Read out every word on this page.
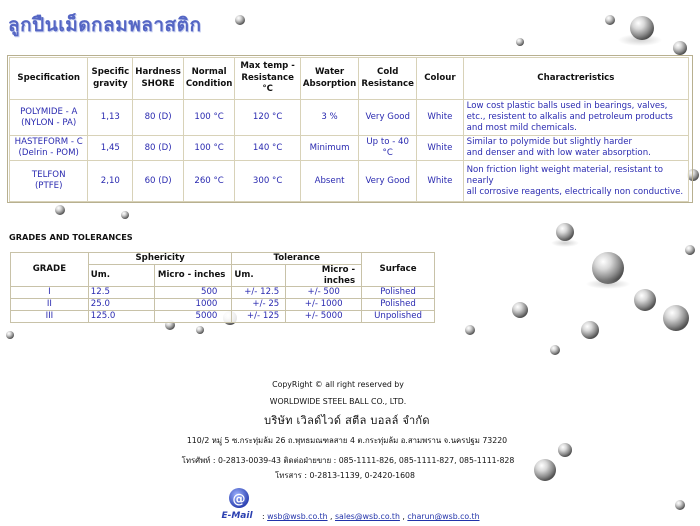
ลูกปืนเม็ดกลมพลาสติก
Specification	Specific gravity	Hardness SHORE	Normal Condition	Max temp - Resistance °C	Water Absorption	Cold Resistance	Colour	Charactreristics
POLYMIDE - A
(NYLON - PA)	1,13	80 (D)	100 °C	120 °C	3 %	Very Good	White	Low cost plastic balls used in bearings, valves,
etc., resistent to alkalis and petroleum products
and most mild chemicals.
HASTEFORM - C
(Delrin - POM)	1,45	80 (D)	100 °C	140 °C	Minimum	Up to - 40 °C	White	Similar to polymide but slightly harder
and denser and with low water absorption.
TELFON
(PTFE)	2,10	60 (D)	260 °C	300 °C	Absent	Very Good	White	Non friction light weight material, resistant to nearly
all corrosive reagents, electrically non conductive.
GRADES AND TOLERANCES
GRADE	Sphericity		Tolerance		Surface
	Um.	Micro - inches	Um.	Micro - inches	
I	12.5	500	+/- 12.5	+/- 500	Polished
II	25.0	1000	+/- 25	+/- 1000	Polished
III	125.0	5000	+/- 125	+/- 5000	Unpolished
CopyRight © all right reserved by
WORLDWIDE STEEL BALL CO., LTD.
บริษัท เวิลด์ไวด์ สตีล บอลล์ จำกัด
110/2 หมู่ 5 ซ.กระทุ่มล้ม 26 ถ.พุทธมณฑลสาย 4 ต.กระทุ่มล้ม อ.สามพราน จ.นครปฐม 73220
โทรศัพท์ : 0-2813-0039-43 ติดต่อฝ่ายขาย : 085-1111-826, 085-1111-827, 085-1111-828
โทรสาร : 0-2813-1139, 0-2420-1608
@
E-Mail : wsb@wsb.co.th , sales@wsb.co.th , charun@wsb.co.th
